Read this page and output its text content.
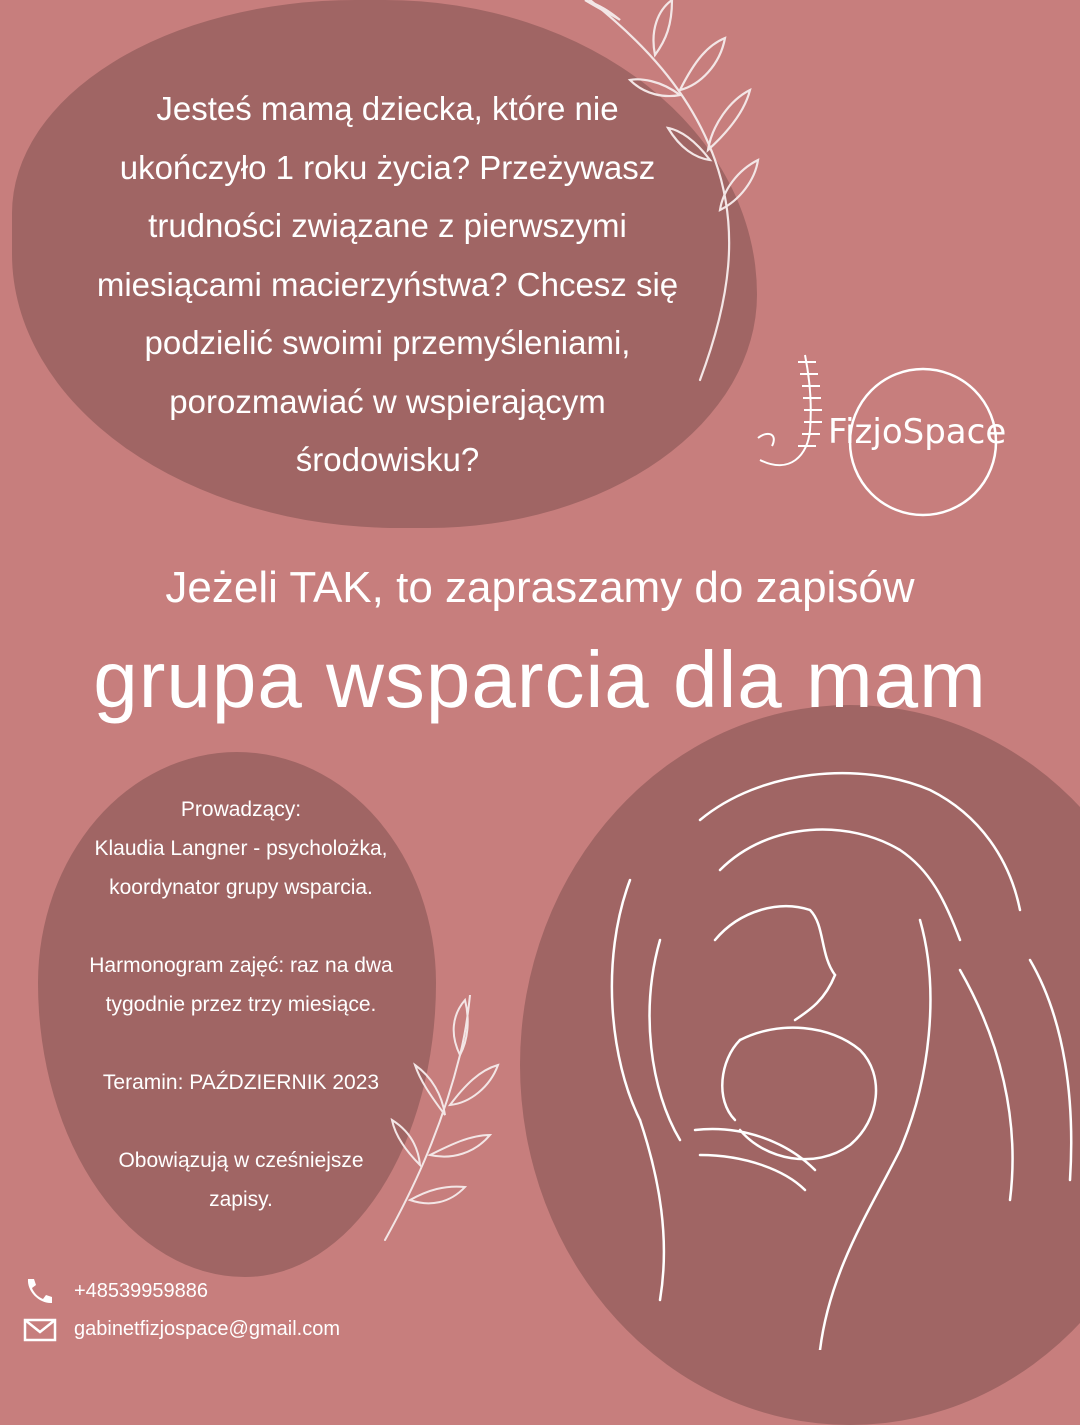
FizjoSpace
Jesteś mamą dziecka, które nie
ukończyło 1 roku życia? Przeżywasz
trudności związane z pierwszymi
miesiącami macierzyństwa? Chcesz się
podzielić swoimi przemyśleniami,
porozmawiać w wspierającym
środowisku?
Jeżeli TAK, to zapraszamy do zapisów
grupa wsparcia dla mam
Prowadzący:
Klaudia Langner - psycholożka,
koordynator grupy wsparcia.
Harmonogram zajęć: raz na dwa
tygodnie przez trzy miesiące.
Teramin: PAŹDZIERNIK 2023
Obowiązują w cześniejsze
zapisy.
+48539959886
gabinetfizjospace@gmail.com
